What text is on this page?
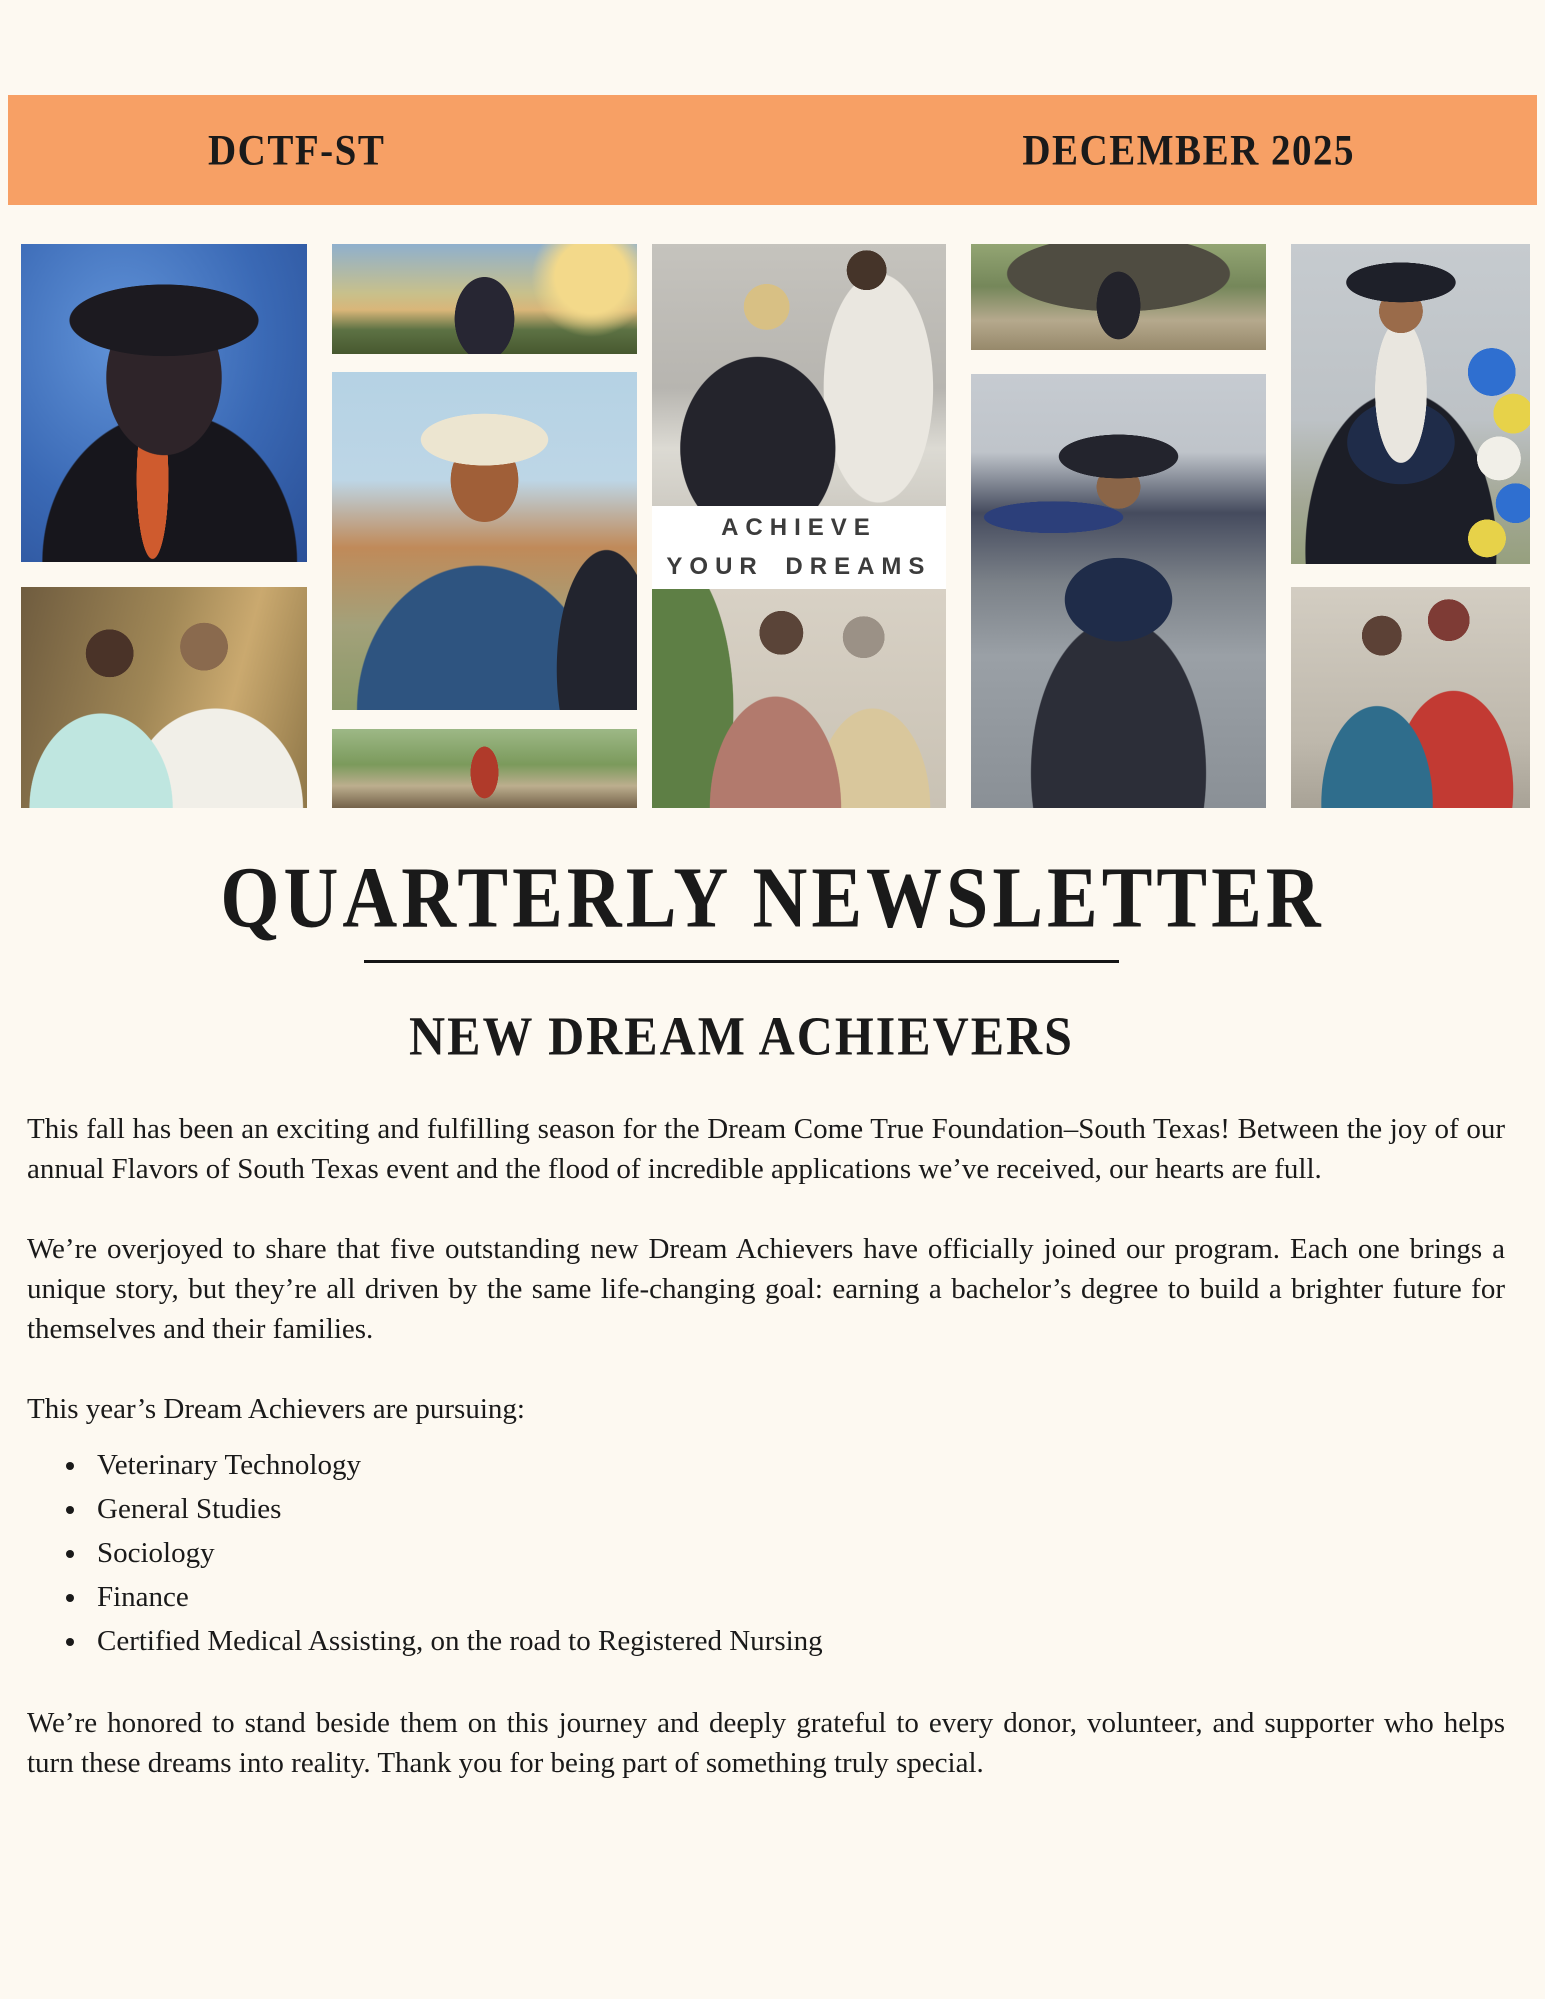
DCTF-ST	DECEMBER 2025
ACHIEVE YOUR DREAMS
QUARTERLY NEWSLETTER
NEW DREAM ACHIEVERS

This fall has been an exciting and fulfilling season for the Dream Come True Foundation–South Texas! Between the joy of our annual Flavors of South Texas event and the flood of incredible applications we’ve received, our hearts are full.

We’re overjoyed to share that five outstanding new Dream Achievers have officially joined our program. Each one brings a unique story, but they’re all driven by the same life-changing goal: earning a bachelor’s degree to build a brighter future for themselves and their families.

This year’s Dream Achievers are pursuing:

• Veterinary Technology
• General Studies
• Sociology
• Finance
• Certified Medical Assisting, on the road to Registered Nursing

We’re honored to stand beside them on this journey and deeply grateful to every donor, volunteer, and supporter who helps turn these dreams into reality. Thank you for being part of something truly special.
